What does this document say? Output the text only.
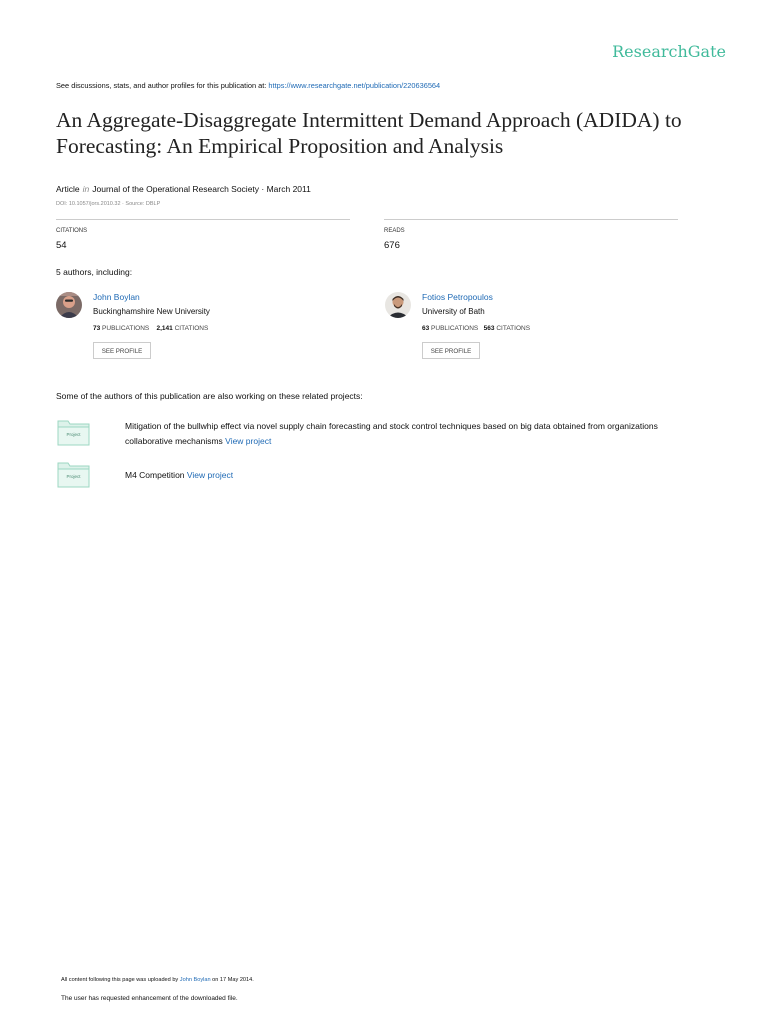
ResearchGate
See discussions, stats, and author profiles for this publication at: https://www.researchgate.net/publication/220636564
An Aggregate-Disaggregate Intermittent Demand Approach (ADIDA) to Forecasting: An Empirical Proposition and Analysis
Article in Journal of the Operational Research Society · March 2011
DOI: 10.1057/jors.2010.32 · Source: DBLP
CITATIONS
54
READS
676
5 authors, including:
John Boylan
Buckinghamshire New University
73 PUBLICATIONS 2,141 CITATIONS
SEE PROFILE
Fotios Petropoulos
University of Bath
63 PUBLICATIONS 563 CITATIONS
SEE PROFILE
Some of the authors of this publication are also working on these related projects:
Project
Mitigation of the bullwhip effect via novel supply chain forecasting and stock control techniques based on big data obtained from organizations collaborative mechanisms View project
Project	M4 Competition View project
All content following this page was uploaded by John Boylan on 17 May 2014.
The user has requested enhancement of the downloaded file.
